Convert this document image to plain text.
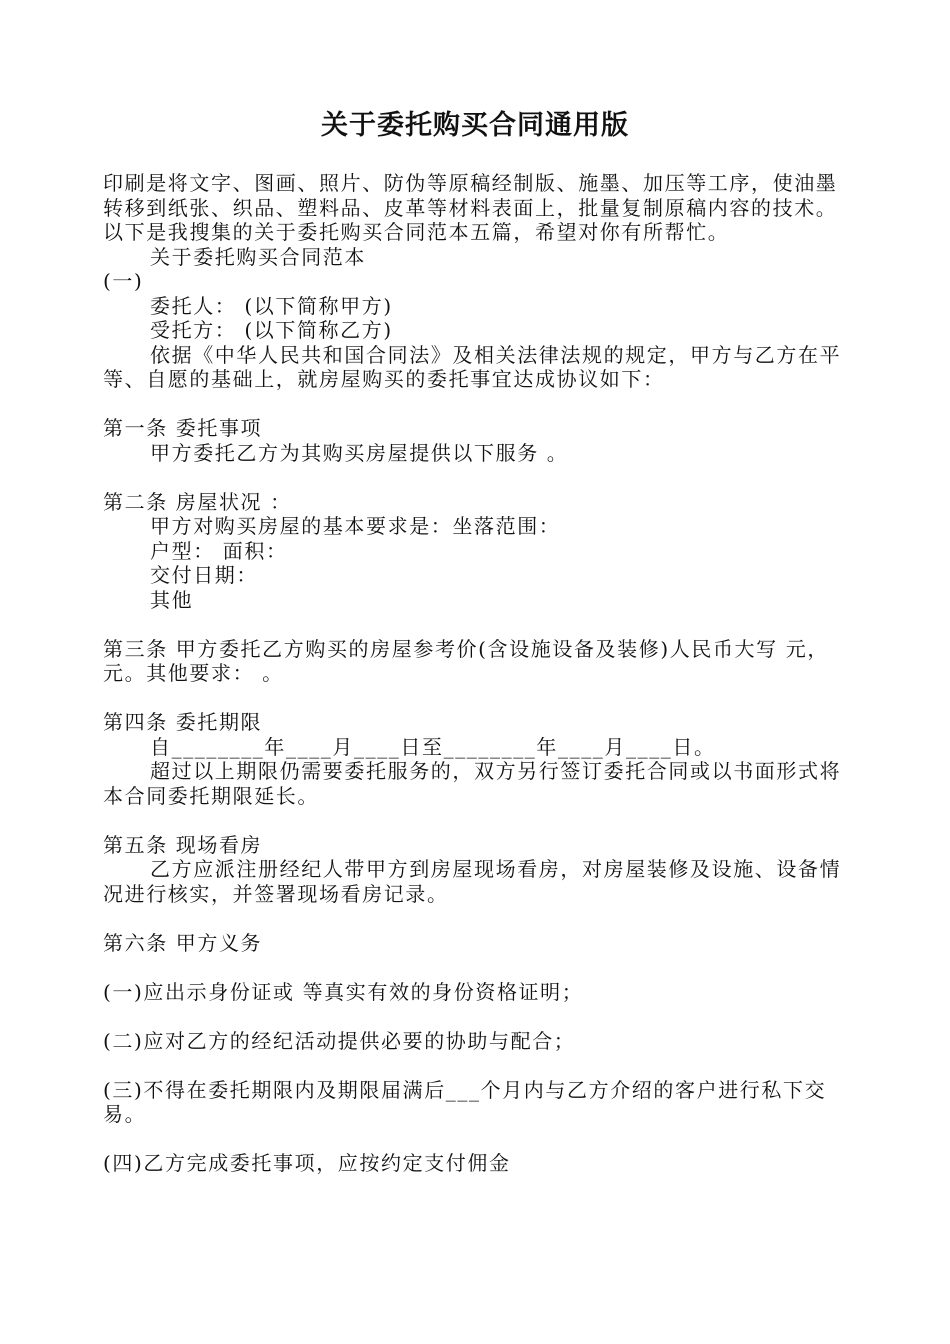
关于委托购买合同通用版

印刷是将文字、图画、照片、防伪等原稿经制版、施墨、加压等工序，使油墨转移到纸张、织品、塑料品、皮革等材料表面上，批量复制原稿内容的技术。以下是我搜集的关于委托购买合同范本五篇，希望对你有所帮忙。

关于委托购买合同范本

(一)

委托人： (以下简称甲方)

受托方： (以下简称乙方)

依据《中华人民共和国合同法》及相关法律法规的规定，甲方与乙方在平等、自愿的基础上，就房屋购买的委托事宜达成协议如下：

第一条 委托事项

甲方委托乙方为其购买房屋提供以下服务 。

第二条 房屋状况 ：

甲方对购买房屋的基本要求是：坐落范围：

户型： 面积：

交付日期：

其他

第三条 甲方委托乙方购买的房屋参考价(含设施设备及装修)人民币大写 元， 元。其他要求： 。

第四条 委托期限

自________年____月____日至________年____月____日。

超过以上期限仍需要委托服务的，双方另行签订委托合同或以书面形式将本合同委托期限延长。

第五条 现场看房

乙方应派注册经纪人带甲方到房屋现场看房，对房屋装修及设施、设备情况进行核实，并签署现场看房记录。

第六条 甲方义务

(一)应出示身份证或 等真实有效的身份资格证明；

(二)应对乙方的经纪活动提供必要的协助与配合；

(三)不得在委托期限内及期限届满后___个月内与乙方介绍的客户进行私下交易。

(四)乙方完成委托事项，应按约定支付佣金
